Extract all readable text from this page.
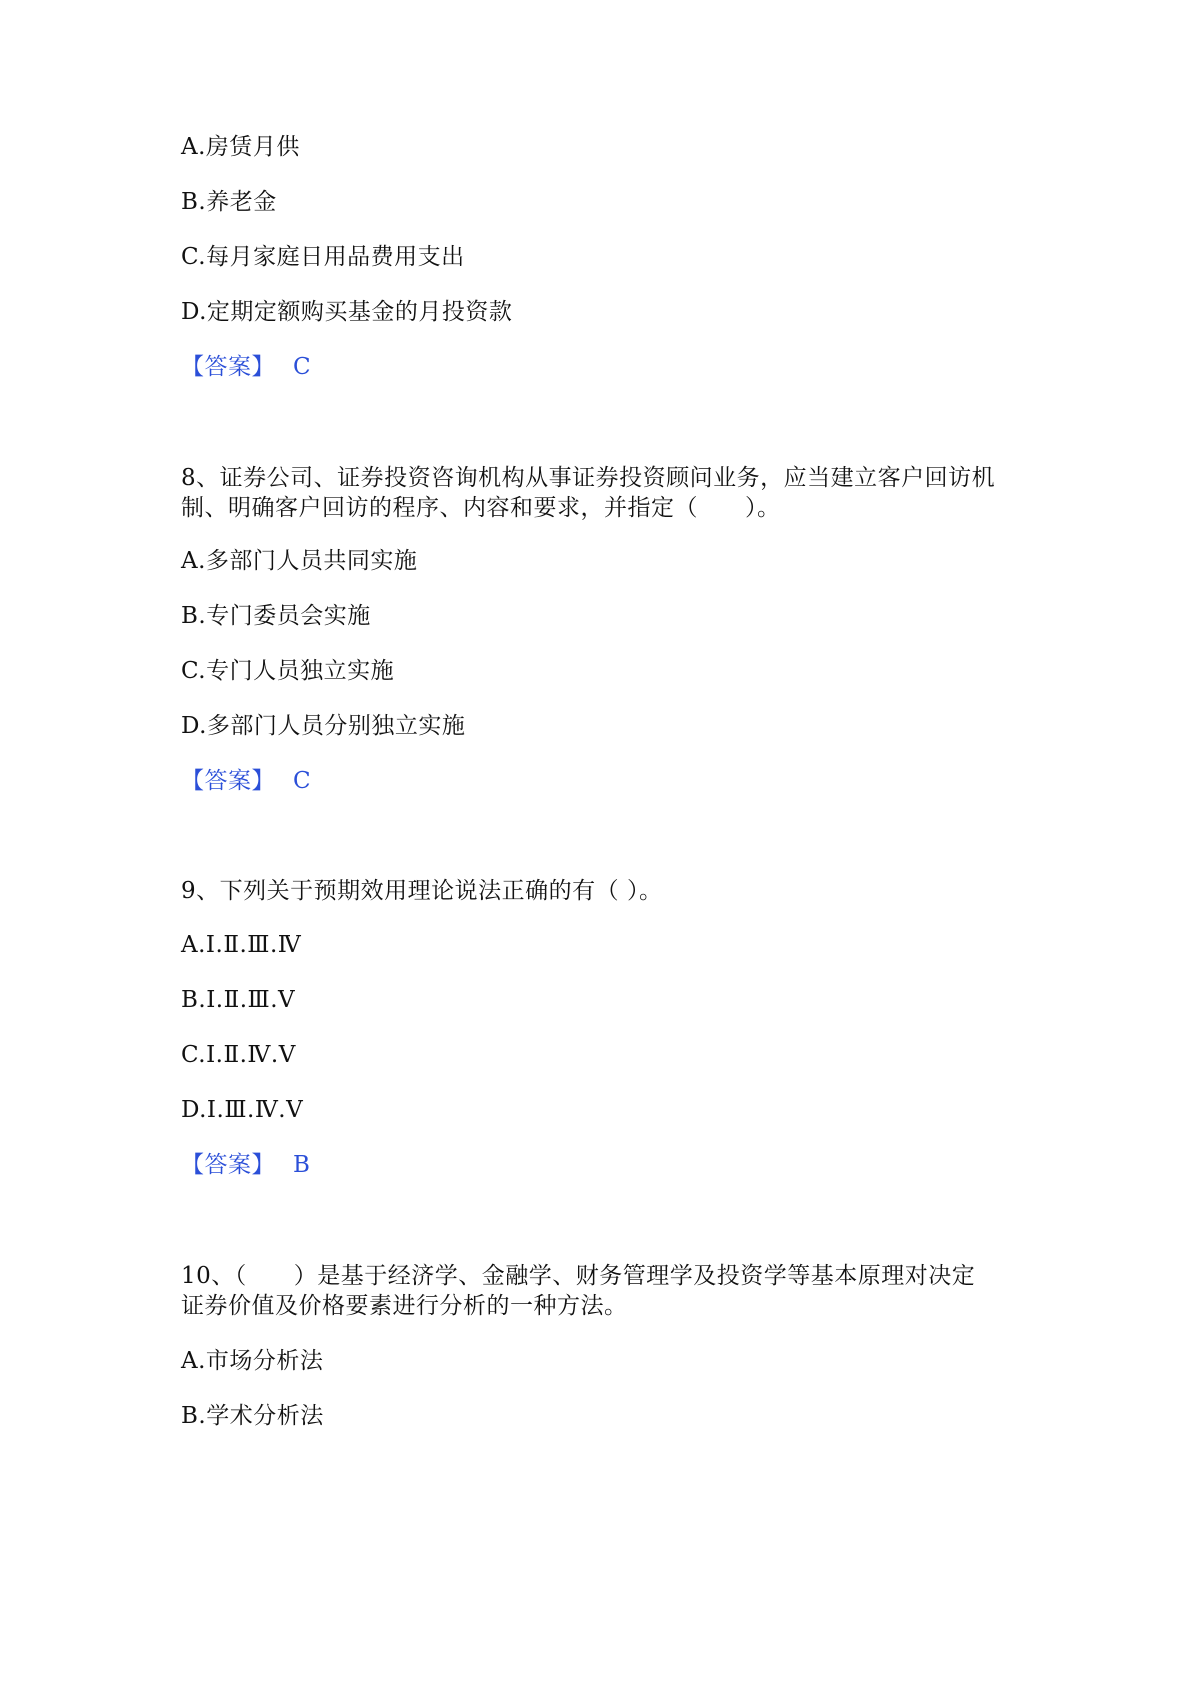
A.房赁月供
B.养老金
C.每月家庭日用品费用支出
D.定期定额购买基金的月投资款
【答案】 C
8、证券公司、证券投资咨询机构从事证券投资顾问业务，应当建立客户回访机
制、明确客户回访的程序、内容和要求，并指定（　　）。
A.多部门人员共同实施
B.专门委员会实施
C.专门人员独立实施
D.多部门人员分别独立实施
【答案】 C
9、下列关于预期效用理论说法正确的有（ ）。
A.Ⅰ.Ⅱ.Ⅲ.Ⅳ
B.Ⅰ.Ⅱ.Ⅲ.Ⅴ
C.Ⅰ.Ⅱ.Ⅳ.Ⅴ
D.Ⅰ.Ⅲ.Ⅳ.Ⅴ
【答案】 B
10、（　　）是基于经济学、金融学、财务管理学及投资学等基本原理对决定
证券价值及价格要素进行分析的一种方法。
A.市场分析法
B.学术分析法
